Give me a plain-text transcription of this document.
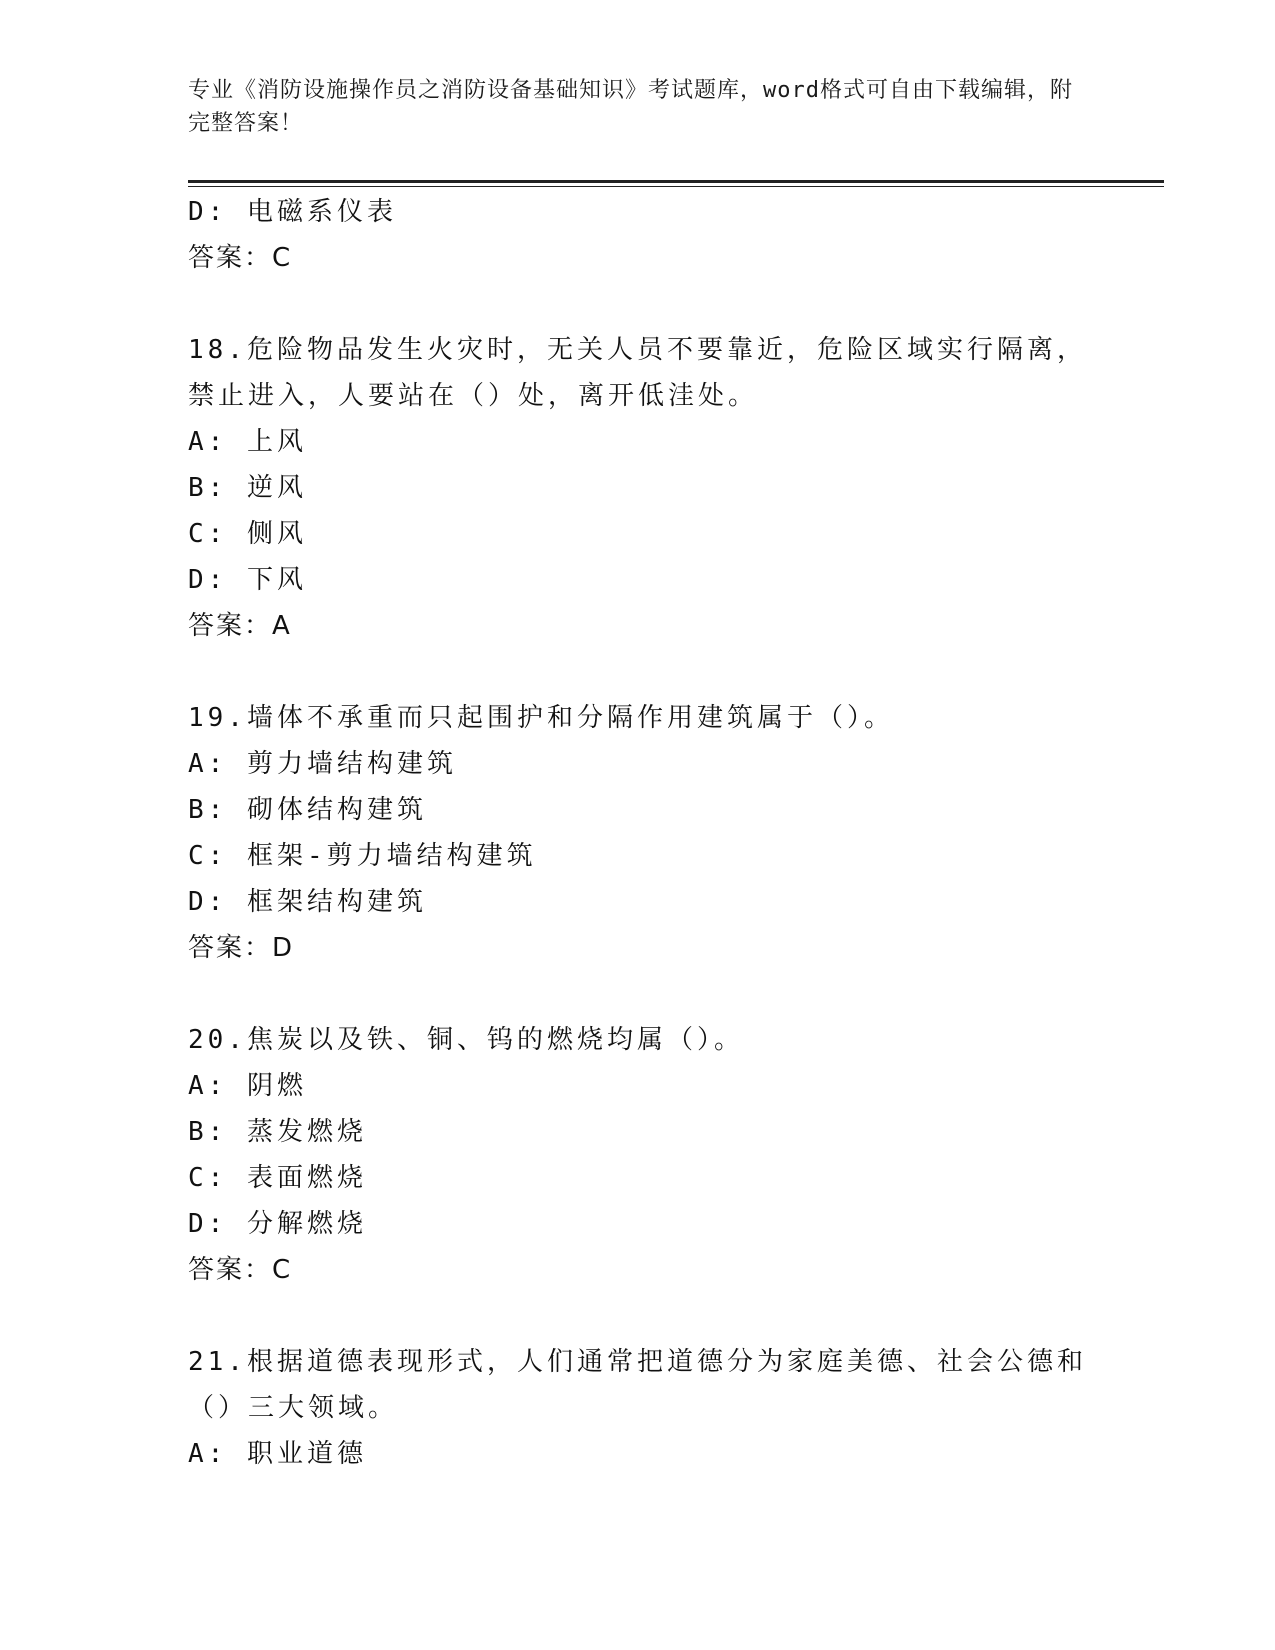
专业《消防设施操作员之消防设备基础知识》考试题库，word格式可自由下载编辑，附完整答案！
D: 电磁系仪表
答案：C
18.危险物品发生火灾时，无关人员不要靠近，危险区域实行隔离，禁止进入，人要站在（）处，离开低洼处。
A: 上风
B: 逆风
C: 侧风
D: 下风
答案：A
19.墙体不承重而只起围护和分隔作用建筑属于（）。
A: 剪力墙结构建筑
B: 砌体结构建筑
C: 框架-剪力墙结构建筑
D: 框架结构建筑
答案：D
20.焦炭以及铁、铜、钨的燃烧均属（）。
A: 阴燃
B: 蒸发燃烧
C: 表面燃烧
D: 分解燃烧
答案：C
21.根据道德表现形式，人们通常把道德分为家庭美德、社会公德和（）三大领域。
A: 职业道德
